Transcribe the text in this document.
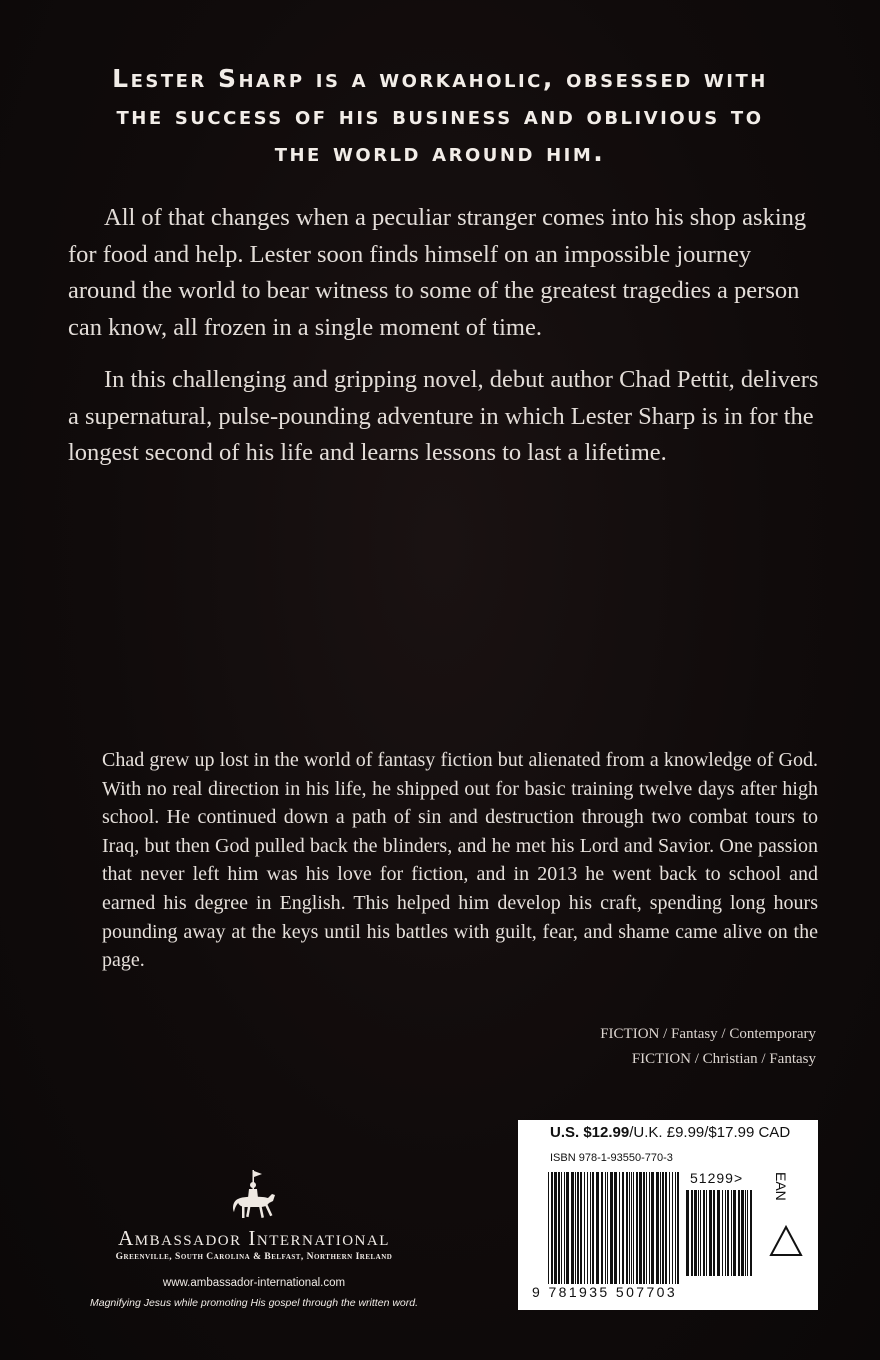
Lester Sharp is a workaholic, obsessed with

the success of his business and oblivious to

the world around him.

All of that changes when a peculiar stranger comes into his shop asking for food and help. Lester soon finds himself on an impossible journey around the world to bear witness to some of the greatest tragedies a person can know, all frozen in a single moment of time.

In this challenging and gripping novel, debut author Chad Pettit, delivers a supernatural, pulse-pounding adventure in which Lester Sharp is in for the longest second of his life and learns lessons to last a lifetime.

Chad grew up lost in the world of fantasy fiction but alienated from a knowledge of God. With no real direction in his life, he shipped out for basic training twelve days after high school. He continued down a path of sin and destruction through two combat tours to Iraq, but then God pulled back the blinders, and he met his Lord and Savior. One passion that never left him was his love for fiction, and in 2013 he went back to school and earned his degree in English. This helped him develop his craft, spending long hours pounding away at the keys until his battles with guilt, fear, and shame came alive on the page.

FICTION / Fantasy / Contemporary
FICTION / Christian / Fantasy
Ambassador International
Greenville, South Carolina & Belfast, Northern Ireland
www.ambassador-international.com
Magnifying Jesus while promoting His gospel through the written word.
U.S. $12.99/U.K. £9.99/$17.99 CAD
ISBN 978-1-93550-770-3
51299> EAN
9 781935 507703
